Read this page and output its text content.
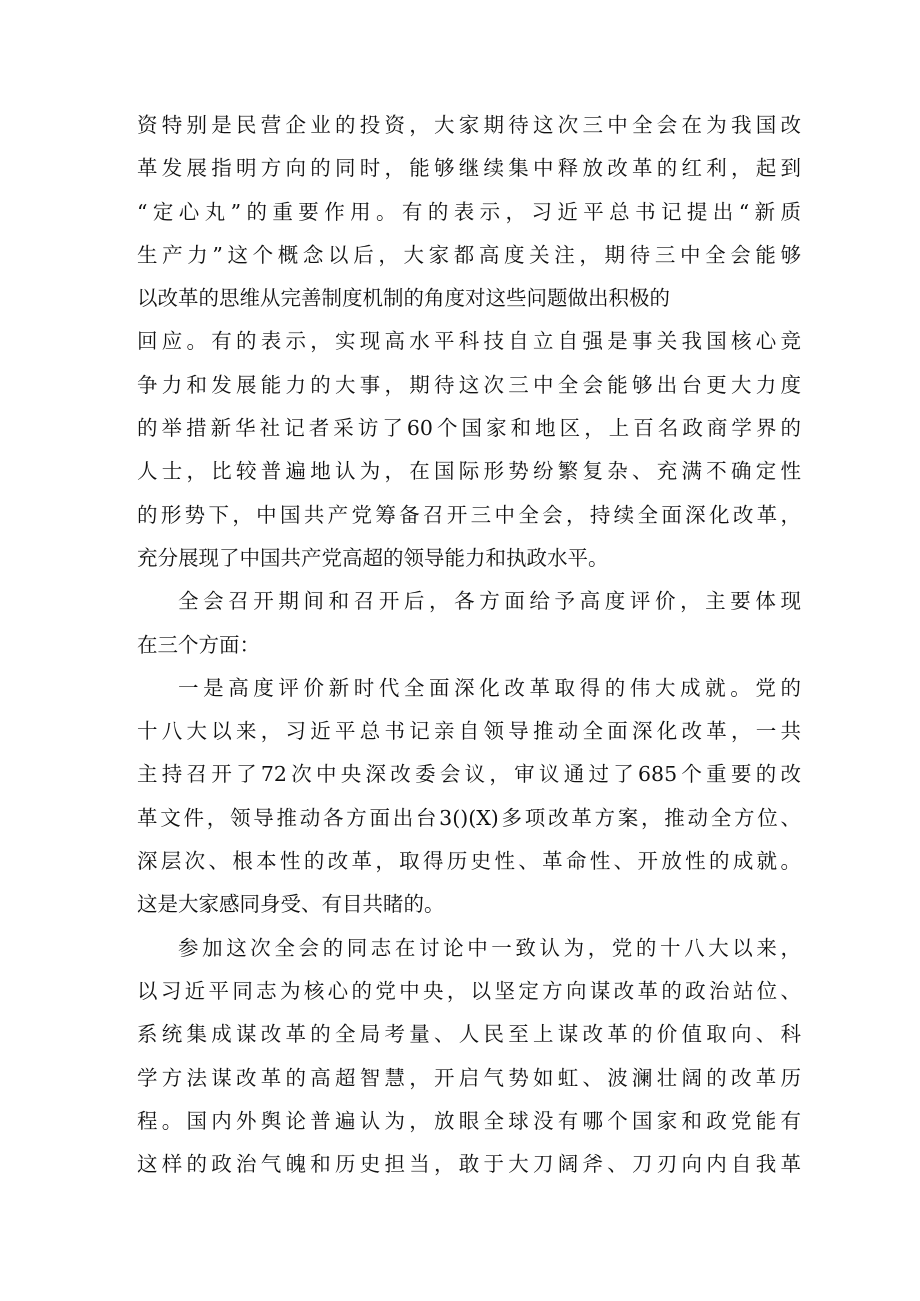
资特别是民营企业的投资，大家期待这次三中全会在为我国改
革发展指明方向的同时，能够继续集中释放改革的红利，起到
“定心丸”的重要作用。有的表示，习近平总书记提出“新质
生产力”这个概念以后，大家都高度关注，期待三中全会能够
以改革的思维从完善制度机制的角度对这些问题做出积极的
回应。有的表示，实现高水平科技自立自强是事关我国核心竞
争力和发展能力的大事，期待这次三中全会能够出台更大力度
的举措新华社记者采访了60个国家和地区，上百名政商学界的
人士，比较普遍地认为，在国际形势纷繁复杂、充满不确定性
的形势下，中国共产党筹备召开三中全会，持续全面深化改革，
充分展现了中国共产党高超的领导能力和执政水平。

全会召开期间和召开后，各方面给予高度评价，主要体现
在三个方面：

一是高度评价新时代全面深化改革取得的伟大成就。党的
十八大以来，习近平总书记亲自领导推动全面深化改革，一共
主持召开了72次中央深改委会议，审议通过了685个重要的改
革文件，领导推动各方面出台3()(X)多项改革方案，推动全方位、
深层次、根本性的改革，取得历史性、革命性、开放性的成就。
这是大家感同身受、有目共睹的。

参加这次全会的同志在讨论中一致认为，党的十八大以来，
以习近平同志为核心的党中央，以坚定方向谋改革的政治站位、
系统集成谋改革的全局考量、人民至上谋改革的价值取向、科
学方法谋改革的高超智慧，开启气势如虹、波澜壮阔的改革历
程。国内外舆论普遍认为，放眼全球没有哪个国家和政党能有
这样的政治气魄和历史担当，敢于大刀阔斧、刀刃向内自我革
